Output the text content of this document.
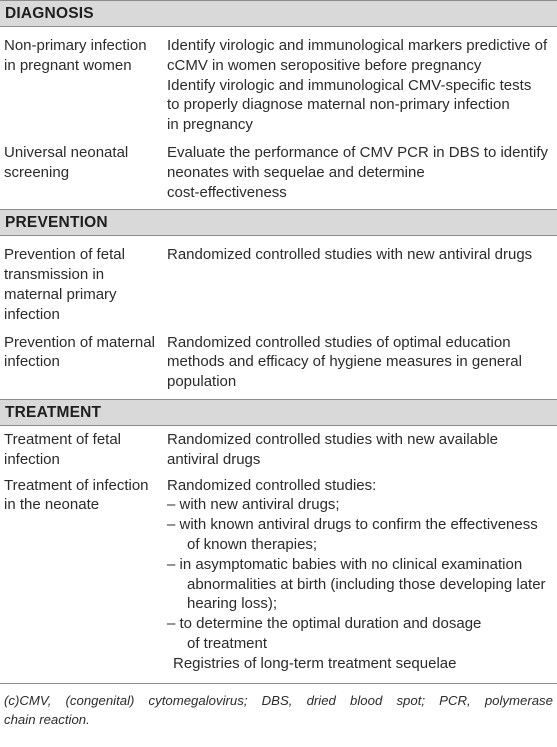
DIAGNOSIS
Non-primary infection
in pregnant women
Identify virologic and immunological markers predictive of
cCMV in women seropositive before pregnancy
Identify virologic and immunological CMV-specific tests
to properly diagnose maternal non-primary infection
in pregnancy
Universal neonatal
screening
Evaluate the performance of CMV PCR in DBS to identify
neonates with sequelae and determine
cost-effectiveness
PREVENTION
Prevention of fetal
transmission in
maternal primary
infection
Randomized controlled studies with new antiviral drugs
Prevention of maternal
infection
Randomized controlled studies of optimal education
methods and efficacy of hygiene measures in general
population
TREATMENT
Treatment of fetal
infection
Randomized controlled studies with new available
antiviral drugs
Treatment of infection
in the neonate
Randomized controlled studies:
– with new antiviral drugs;
– with known antiviral drugs to confirm the effectiveness
of known therapies;
– in asymptomatic babies with no clinical examination
abnormalities at birth (including those developing later
hearing loss);
– to determine the optimal duration and dosage
of treatment
Registries of long-term treatment sequelae
(c)CMV, (congenital) cytomegalovirus; DBS, dried blood spot; PCR, polymerase
chain reaction.
